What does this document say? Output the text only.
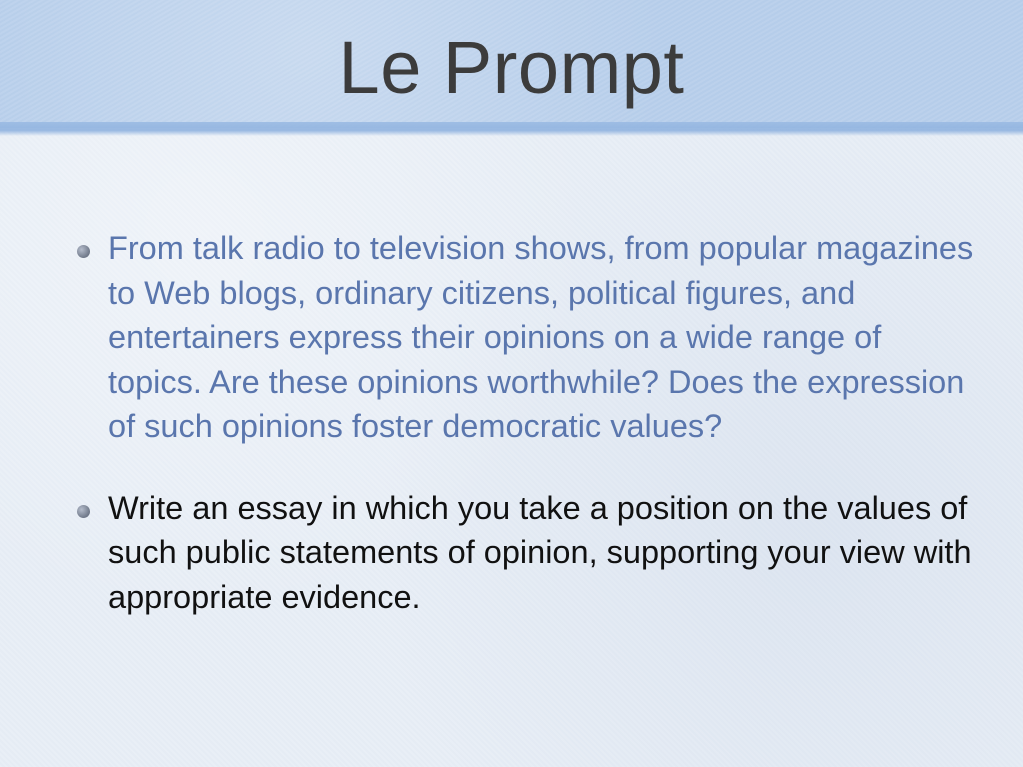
Le Prompt
From talk radio to television shows, from popular magazines to Web blogs, ordinary citizens, political figures, and entertainers express their opinions on a wide range of topics. Are these opinions worthwhile? Does the expression of such opinions foster democratic values?
Write an essay in which you take a position on the values of such public statements of opinion, supporting your view with appropriate evidence.
